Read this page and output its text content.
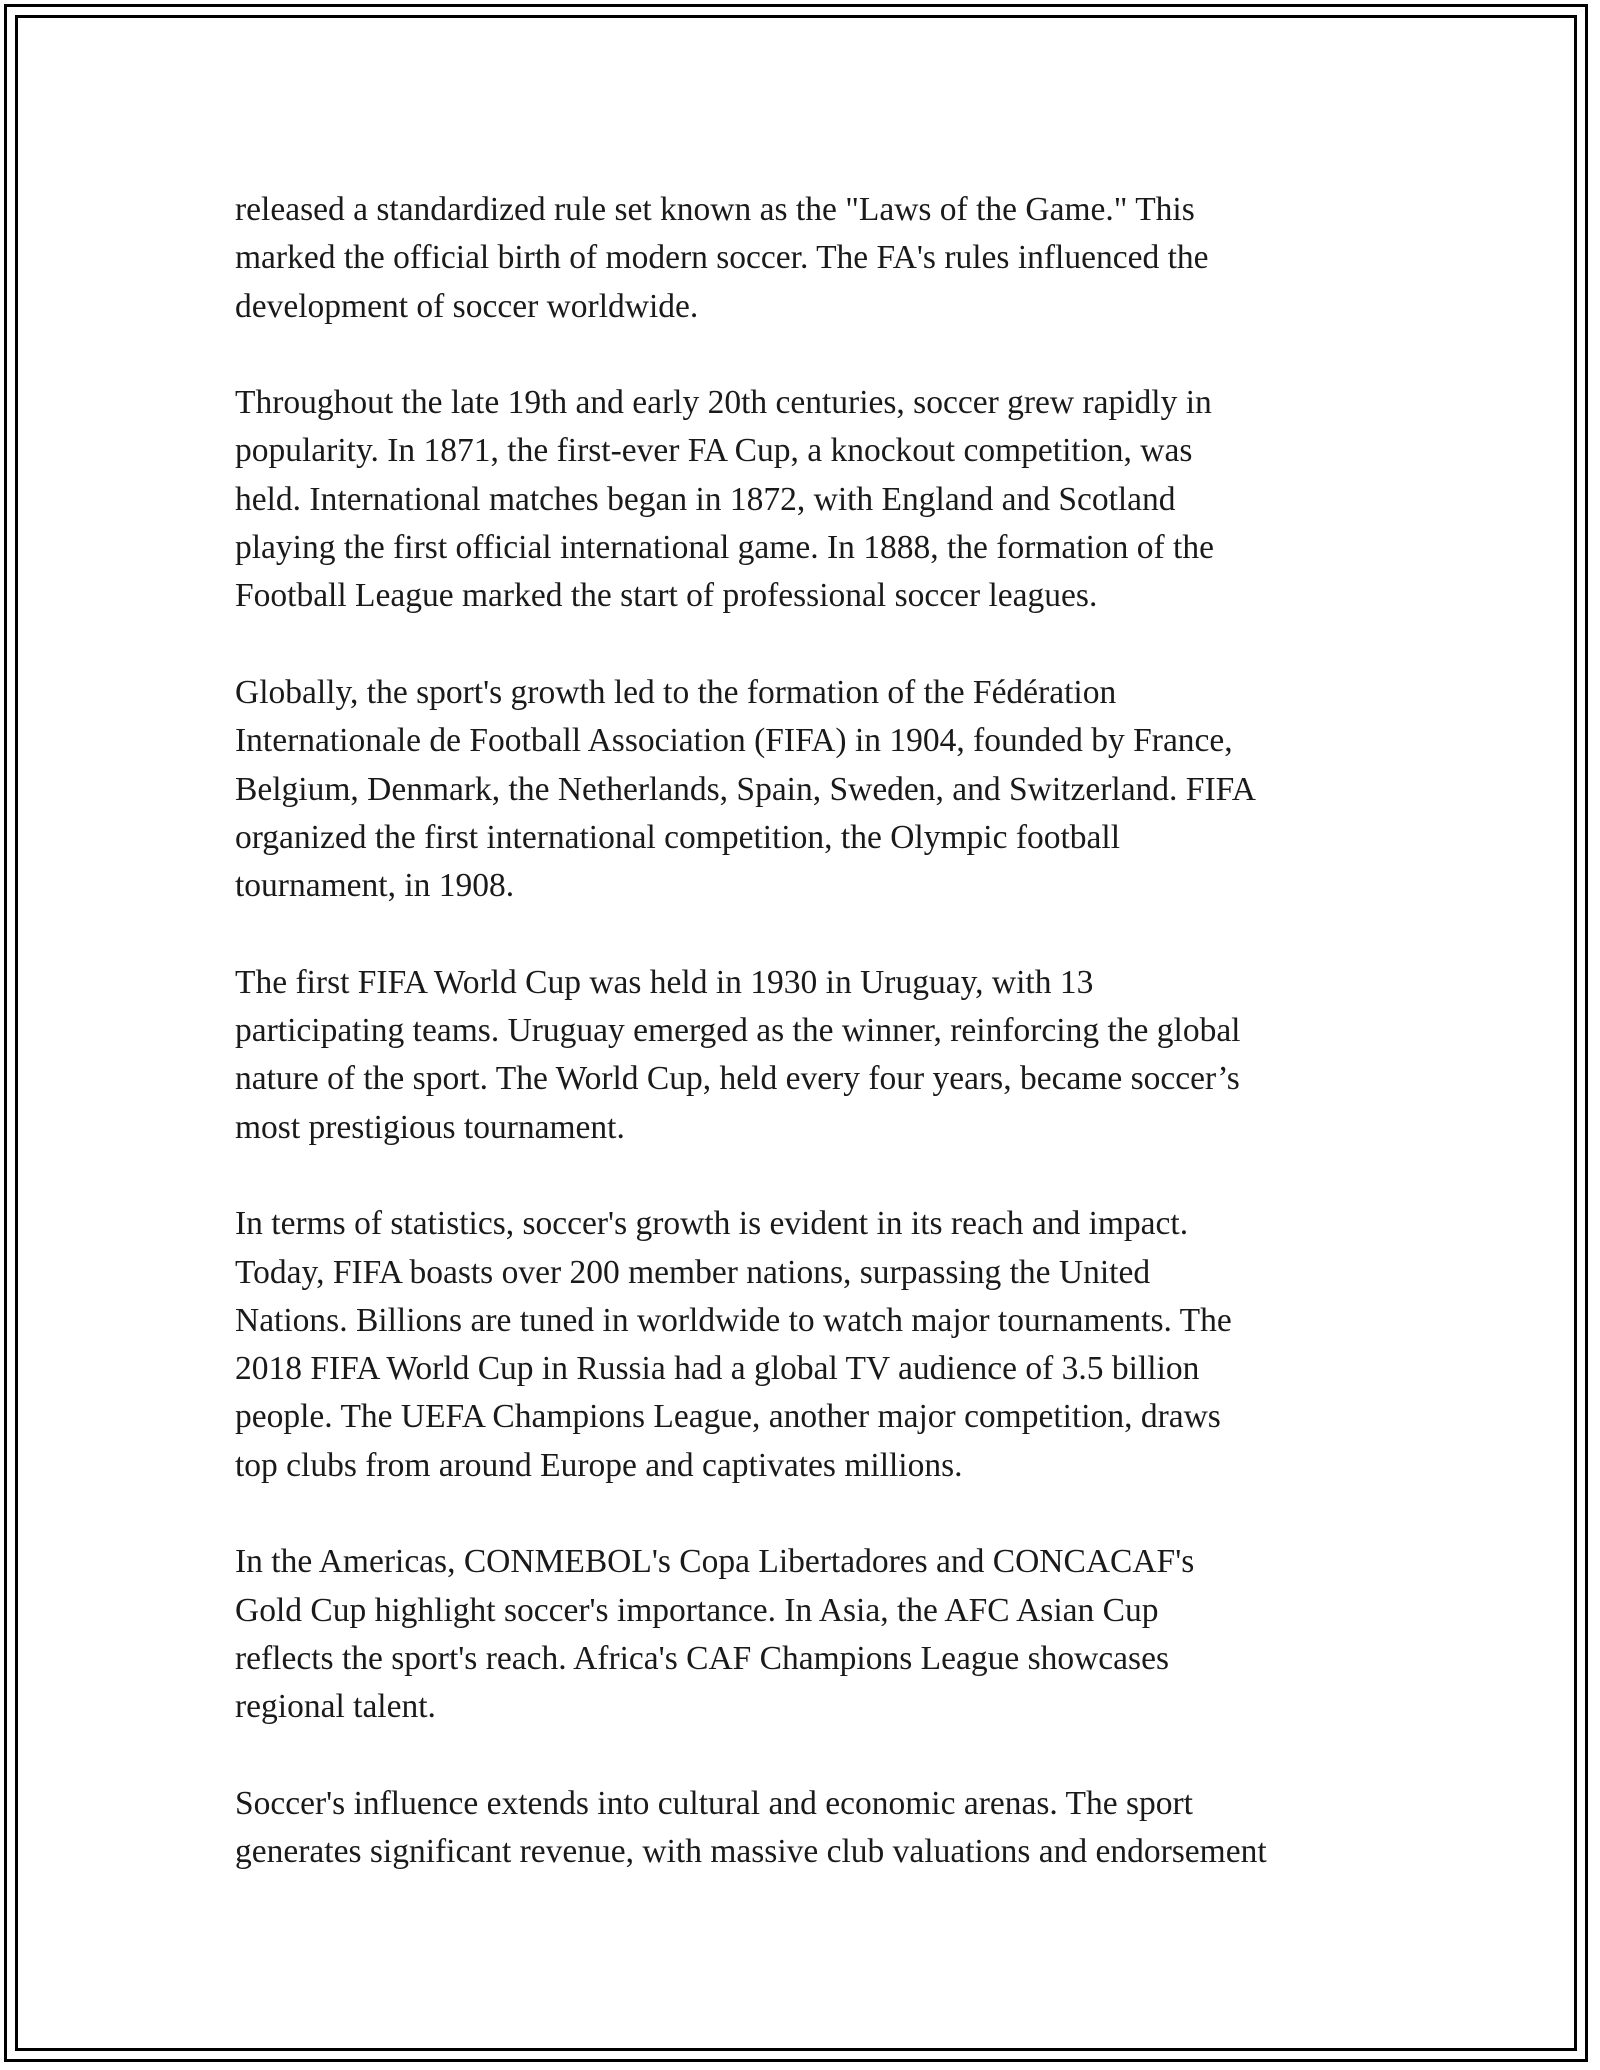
released a standardized rule set known as the "Laws of the Game." This
marked the official birth of modern soccer. The FA's rules influenced the
development of soccer worldwide.

Throughout the late 19th and early 20th centuries, soccer grew rapidly in
popularity. In 1871, the first-ever FA Cup, a knockout competition, was
held. International matches began in 1872, with England and Scotland
playing the first official international game. In 1888, the formation of the
Football League marked the start of professional soccer leagues.

Globally, the sport's growth led to the formation of the Fédération
Internationale de Football Association (FIFA) in 1904, founded by France,
Belgium, Denmark, the Netherlands, Spain, Sweden, and Switzerland. FIFA
organized the first international competition, the Olympic football
tournament, in 1908.

The first FIFA World Cup was held in 1930 in Uruguay, with 13
participating teams. Uruguay emerged as the winner, reinforcing the global
nature of the sport. The World Cup, held every four years, became soccer’s
most prestigious tournament.

In terms of statistics, soccer's growth is evident in its reach and impact.
Today, FIFA boasts over 200 member nations, surpassing the United
Nations. Billions are tuned in worldwide to watch major tournaments. The
2018 FIFA World Cup in Russia had a global TV audience of 3.5 billion
people. The UEFA Champions League, another major competition, draws
top clubs from around Europe and captivates millions.

In the Americas, CONMEBOL's Copa Libertadores and CONCACAF's
Gold Cup highlight soccer's importance. In Asia, the AFC Asian Cup
reflects the sport's reach. Africa's CAF Champions League showcases
regional talent.

Soccer's influence extends into cultural and economic arenas. The sport
generates significant revenue, with massive club valuations and endorsement
